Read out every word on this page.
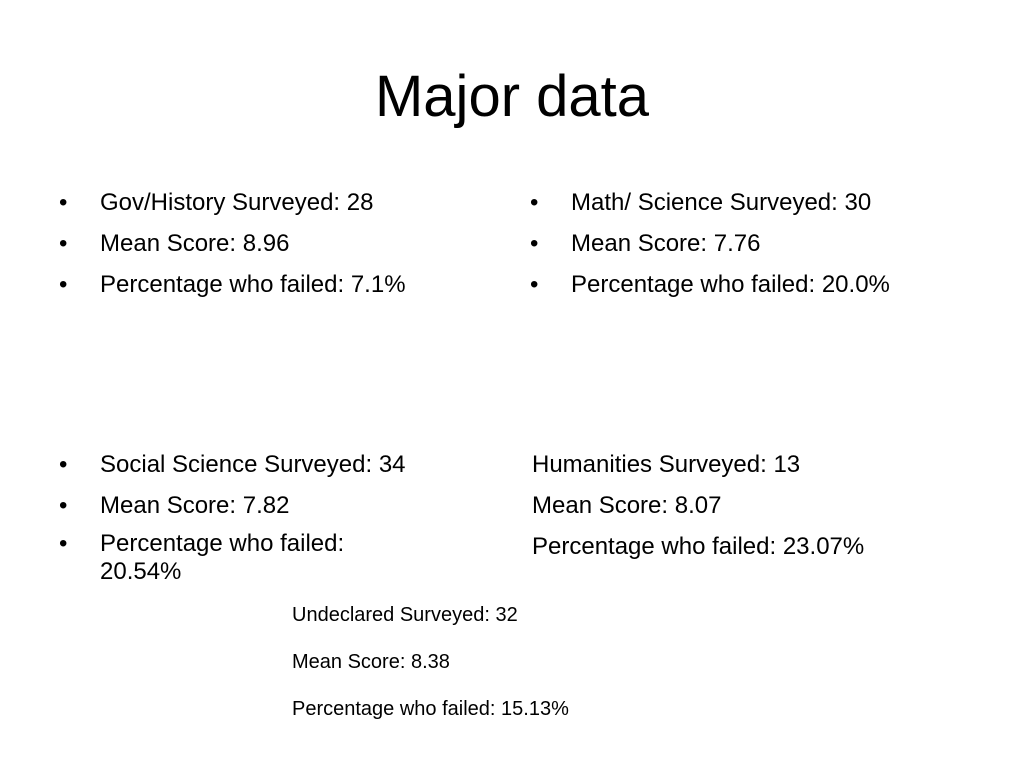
Major data
• Gov/History Surveyed: 28
• Mean Score: 8.96
• Percentage who failed: 7.1%
• Math/ Science Surveyed: 30
• Mean Score: 7.76
• Percentage who failed: 20.0%
• Social Science Surveyed: 34
• Mean Score: 7.82
• Percentage who failed: 20.54%
Humanities Surveyed: 13
Mean Score: 8.07
Percentage who failed: 23.07%
Undeclared Surveyed: 32
Mean Score: 8.38
Percentage who failed: 15.13%
